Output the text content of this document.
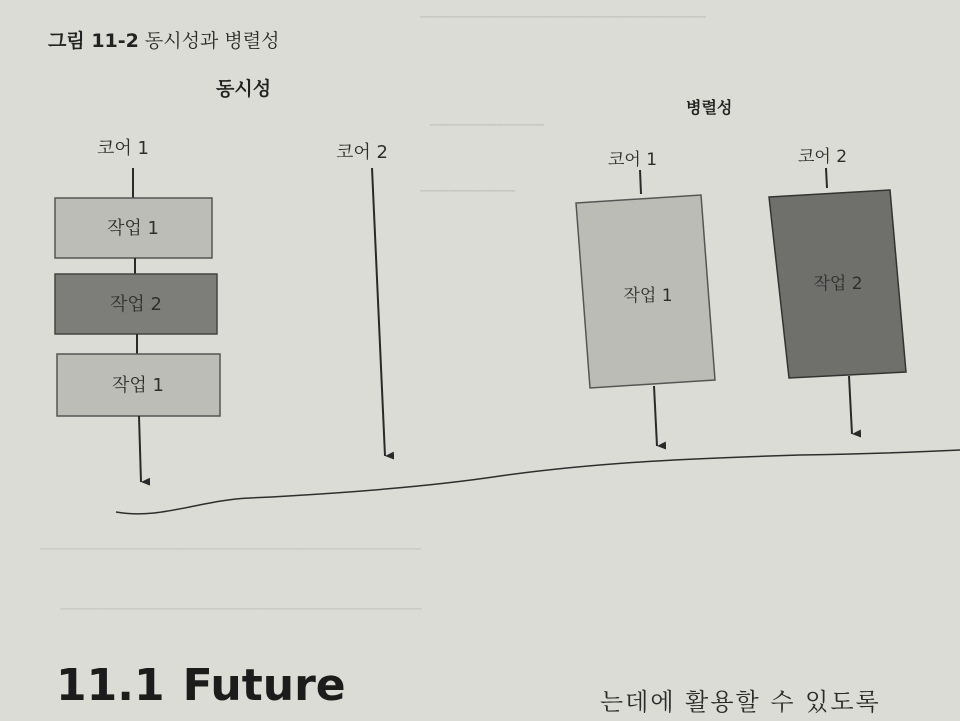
──────────────────────────────
────────────
──────────
그림 11-2 동시성과 병렬성
동시성
병렬성
코어 1	코어 2	코어 1	코어 2
작업 1
작업 2
작업 1
작업 1
작업 2
────────────────────────────────────────
──────────────────────────────────────
11.1 Future	는데에 활용할 수 있도록
